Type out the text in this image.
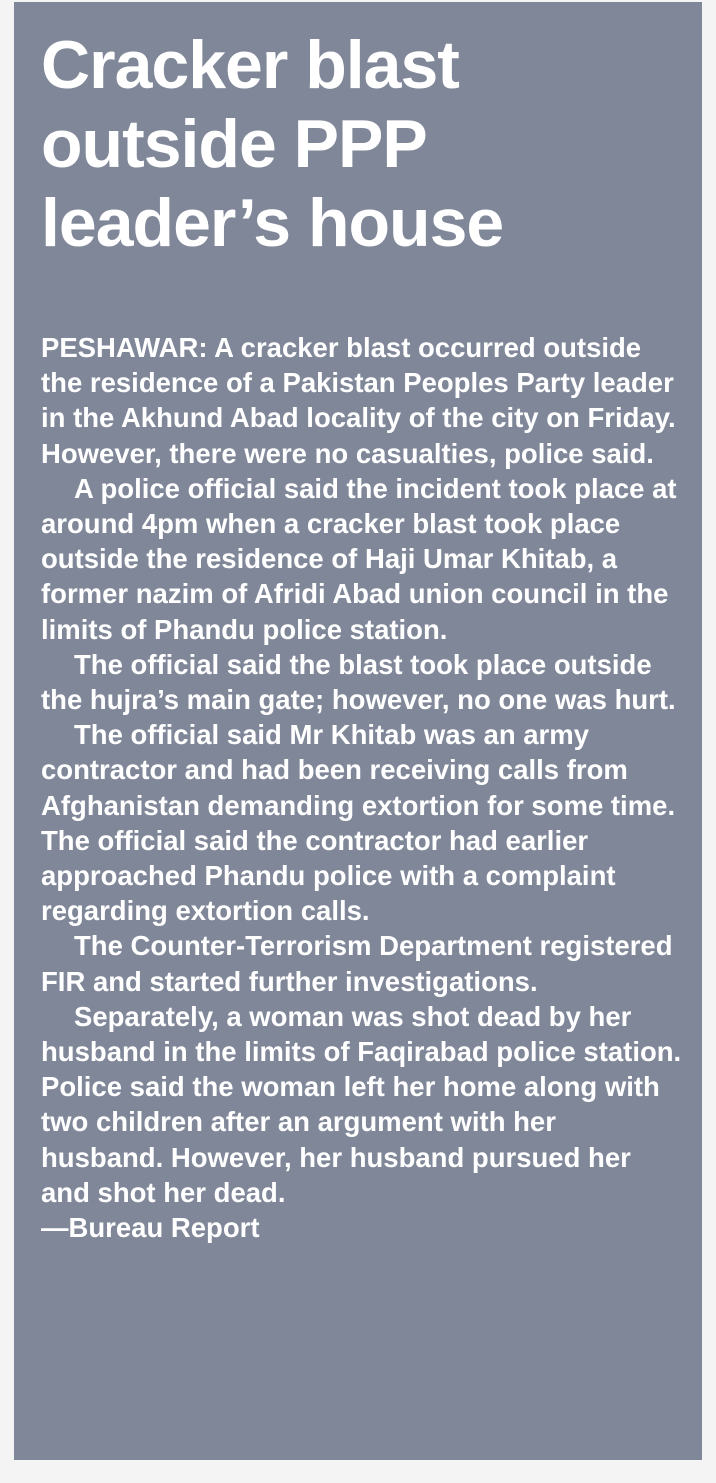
Cracker blast
outside PPP
leader’s house

PESHAWAR: A cracker blast occurred outside the residence of a Pakistan Peoples Party leader in the Akhund Abad locality of the city on Friday. However, there were no casualties, police said.

A police official said the incident took place at around 4pm when a cracker blast took place outside the residence of Haji Umar Khitab, a former nazim of Afridi Abad union council in the limits of Phandu police station.

The official said the blast took place outside the hujra’s main gate; however, no one was hurt.

The official said Mr Khitab was an army contractor and had been receiving calls from Afghanistan demanding extortion for some time. The official said the contractor had earlier approached Phandu police with a complaint regarding extortion calls.

The Counter-Terrorism Department registered FIR and started further investigations.

Separately, a woman was shot dead by her husband in the limits of Faqirabad police station. Police said the woman left her home along with two children after an argument with her husband. However, her husband pursued her and shot her dead.

—Bureau Report
